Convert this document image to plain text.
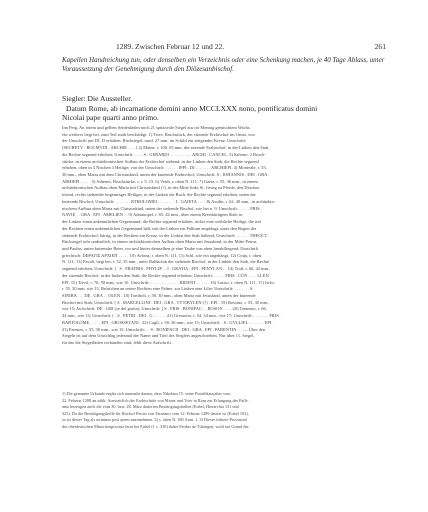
1289. Zwischen Februar 12 und 22.	261

Kapellen Handreichung tun, oder denselben ein Verzeichnis oder eine Schenkung machen, je 40 Tage Ablass, unter Voraussetzung der Genehmigung durch den Diözesanbischof.

Siegler: Die Aussteller.
Datum Rome, ab incarnatione domini anno MCCLXXX nono, pontificatus domini
Nicolai pape quarti anno primo.
Inn Perg. An rotem und gelben Seidenfäden noch 21 spitzovale Siegel aus rot Mennig gemischtem Wachs,
ein weiteres liegt bei, zum Teil stark beschädigt. 1) Triev, Bruchstück, der sitzende Erzbischof im Ornat, von
der Umschrift nur DI. D erhalten. Rücksiegel, rund, 27 mm, im Schild ein steigendes Kreuz. Umschrift:
[SECRETV . ROCMVDI . ARCHIE . . . .] 2) Maine, r. 100. 65 mm, der sitzende Erzbischof, in der Linken den Stab,
die Rechte segnend erhoben; Umschrift: . . . . S . GERARDI . . . . . . . . . . ARCHI . CANCEL. 3) Salerno, 2 Bruch-
stücke, in einem architektonischen Aufbau der Erzbischof stehend, in der Linken den Stab, die Rechte segnend
erhoben, oben in 3 Nischen 3 Heilige; von der Umschrift: . . . . . . IPPI . DI . . . . . . . ARCHIEPI. 4) Monreale, r. 55,
30 mm., oben Maria mit dem Christuskind, unten der knieende Erzbischof; Umschrift: S : IOHANNIS . DEI . GRA .
ARHIEPI . . . . . 5) Athenes, Bruchstücke, r. r. 5. 15. 6) Verdi, r. oben N. 111. 7) Gaeta, r. 55, 36 mm., in einem
architektonischen Aufbau oben Maria mit Christuskind (?), in der Mitte links St. Georg zu Pferde, den Drachen
tötend, rechts stehender bogenträger Heiliger, in der Linken ein Buch, die Rechte segnend erhoben, unten der
knieende Bischof; Umschrift: . . . . . . . RTHOLOMEI . . . . . . . . I . GAIETA . . . . 8) Assdin, r. 62. 40 mm., in architekto-
nischem Aufbau oben Maria mit Christuskind, unten der stehende Bischof, wie bei n. 9. Umschrift: . . . . . FRIS .
NAVIE . . GRA . EPI . AMELIEN . . 9) Adrianopel, r. 65, 42 mm., über einem Kreisbürtigem Stab; in
der Linken einen unkenntlichen Gegenstand, die Rechte segnend erhoben, rechts eine weibliche Heilige, die mit
der Rechten einen unkenntlichen Gegenstand hält, mit der Linken ein Pallium empfängt, unter den Bogen der
stehende Erzbischof, bärtig, in der Rechten ein Kreuz, in der Linken den Stab haltend; Umschrift: . . . . . . THEOCT . .
Rücksiegel sehr undeutlich, in einem architektonischen Aufbau oben Maria mit Jesuskind, in der Mitte Petrus
und Paulus, unten knieender Beter, vor und hinter demselben je eine Taube von oben herabfliegend; Umschrift
griechisch: ΣΦΡΑΓΙΣ ΑΡΧΙΕΠ . . . . . 10) Avlona, r. oben N. 111. 11) Schl, wie ein angehängt. 12) Craja, r. oben
N. 111. 13) Favoli, hegt bei, r. 52, 35 mm., unter Baldachin der stehende Bischof, in der Linken den Stab, die Rechte
segnend erhoben; Umschrift: [ . S . FRATRIS . PHYLIP . . I . GRATIA . EPI . PENYLAN . . 14) Troil, r. 60, 42 mm.,
der sitzende Bischof, in der linken den Stab, die Rechte segnend erhoben; Umschrift: . . . . . FRIS . CÜN . . . . LLEN .
EPI. 15) Trivsl, r. 70, 50 mm., wie 10. Umschrift: . . . . . . . . . . . . . RIDENT . . . . . . 16) Lariso, r. oben N. 111. 17) Ischi,
r. 55, 30 mm. wie 15, Brüstchen an seiner Rechten eine Palme, zur Linken eine Lilie; Umschrift: . . . . . . . S .
SINIBA . . . DE . GRA . . OLEN . 18) Tortiboli, r. 58, 30 mm., oben Maria mit Jesuskind, unten der knieende
Bischof mit Stab; Umschrift: [ S . MARCELLINI . DEI . GRA . TVTIBYLEN (?) . EPI . 19) Bossino, r. 55, 30 mm.,
wie 15; Aufschrift: DE . GRI (se dei gratia); Umschrift: [ S . FRIS . BONIFAC . . BOSON . . . . 20) Taranaeo, r. 66,
44 mm., wie 14; Umschrift: [ . S . PETRI . DEI . G . . . . . . 21) Grossetto, r. 54, 34 mm., wie 17; Umschrift: . . . . . . . FRIS .
BARTOLOME . . . . . EPI . GROSSETANI . 22) Cagli, r. 58, 36 mm., wie 15; Umschrift: . S . GVLLIEL . . . . . . . EPI .
23) Parenzo, r. 55, 30 mm., wie 15; Umschrift: . . S . BONIFACII . DEI . GRA . EPI . PARENTIN. . . — Über den
Siegeln ist auf dem Umschlag jedesmal der Name und Titel des Sieglers angeschrieben. Nur über 11. Siegel,
für das die Siegelfäden vorhanden sind, fehlt diese Aufschrift.
1) Die genannte Urkunde ergibt sich nunmehr daraus, dass Nikolaus IV. seine Pontifikatsjahre vom
22. Februar 1288 an zählt. Ausweislich der Erzbischöfe von Mainz und Trier in Rom zur Erlangung des Palli-
ums bezeugen auch die vom 30. bzw. 28. März datierten Bestätigungsbullen (Eubel, Hierarchia 131 und
325). Da die Bestätigungsbulle für Bischof Petrus von Taranaeo vom 12. Februar 1289 datiert ist (Eubel 163),
so ist dieser Tag als terminus post quem anzunehmen. 2) s. oben N. 180 Anm. 1. 3) Dieser frühere Provinzial
der oberdeutschen Minoritenprovinz lernt bei Eubel (l. c. 330) daher Perdus de Tübingen, wohl auf Grund der
